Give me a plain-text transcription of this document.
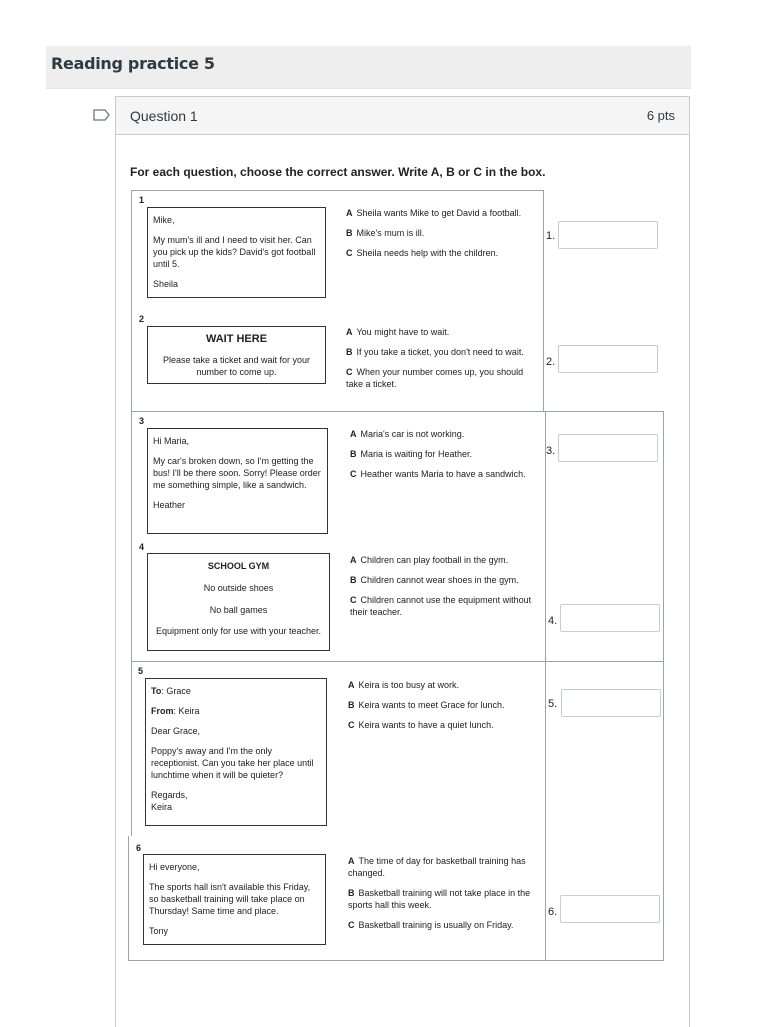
Reading practice 5
Question 1	6 pts
For each question, choose the correct answer. Write A, B or C in the box.
1

Mike,

My mum's ill and I need to visit her. Can you pick up the kids? David's got football until 5.

Sheila

A Sheila wants Mike to get David a football.
B Mike's mum is ill.
C Sheila needs help with the children.
1.
2
WAIT HERE

Please take a ticket and wait for your number to come up.

A You might have to wait.
B If you take a ticket, you don't need to wait.
C When your number comes up, you should take a ticket.
2.
3

Hi Maria,

My car's broken down, so I'm getting the bus! I'll be there soon. Sorry! Please order me something simple, like a sandwich.

Heather

A Maria's car is not working.
B Maria is waiting for Heather.
C Heather wants Maria to have a sandwich.
3.
4
SCHOOL GYM

No outside shoes

No ball games

Equipment only for use with your teacher.

A Children can play football in the gym.
B Children cannot wear shoes in the gym.
C Children cannot use the equipment without their teacher.
4.
5

To: Grace

From: Keira

Dear Grace,

Poppy's away and I'm the only receptionist. Can you take her place until lunchtime when it will be quieter?

Regards,

Keira

A Keira is too busy at work.
B Keira wants to meet Grace for lunch.
C Keira wants to have a quiet lunch.
5.
6

Hi everyone,

The sports hall isn't available this Friday, so basketball training will take place on Thursday! Same time and place.

Tony

A The time of day for basketball training has changed.
B Basketball training will not take place in the sports hall this week.
C Basketball training is usually on Friday.
6.
